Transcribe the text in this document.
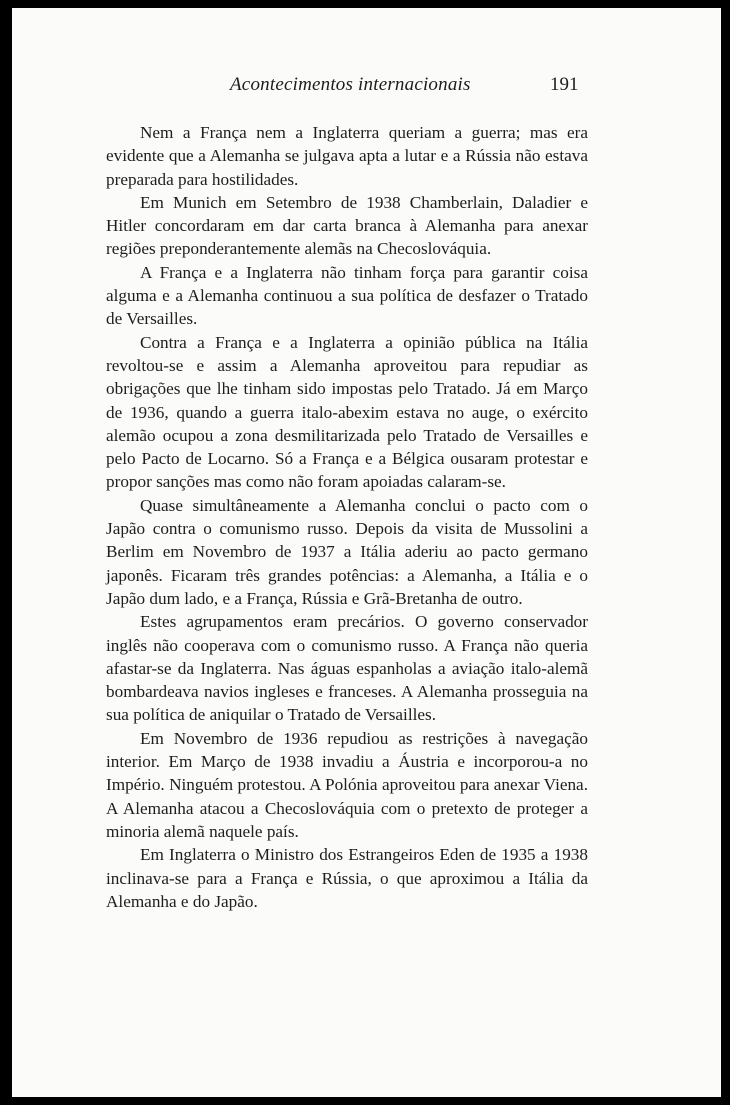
Acontecimentos internacionais	191

Nem a França nem a Inglaterra queriam a guerra; mas era evidente que a Alemanha se julgava apta a lutar e a Rússia não estava preparada para hostilidades.

Em Munich em Setembro de 1938 Chamberlain, Daladier e Hitler concordaram em dar carta branca à Alemanha para anexar regiões preponderantemente alemãs na Checoslováquia.

A França e a Inglaterra não tinham força para garantir coisa alguma e a Alemanha continuou a sua política de desfazer o Tratado de Versailles.

Contra a França e a Inglaterra a opinião pública na Itália revoltou-se e assim a Alemanha aproveitou para repudiar as obrigações que lhe tinham sido impostas pelo Tratado. Já em Março de 1936, quando a guerra italo-abexim estava no auge, o exército alemão ocupou a zona desmilitarizada pelo Tratado de Versailles e pelo Pacto de Locarno. Só a França e a Bélgica ousaram protestar e propor sanções mas como não foram apoiadas calaram-se.

Quase simultâneamente a Alemanha conclui o pacto com o Japão contra o comunismo russo. Depois da visita de Mussolini a Berlim em Novembro de 1937 a Itália aderiu ao pacto germano japonês. Ficaram três grandes potências: a Alemanha, a Itália e o Japão dum lado, e a França, Rússia e Grã-Bretanha de outro.

Estes agrupamentos eram precários. O governo conservador inglês não cooperava com o comunismo russo. A França não queria afastar-se da Inglaterra. Nas águas espanholas a aviação italo-alemã bombardeava navios ingleses e franceses. A Alemanha prosseguia na sua política de aniquilar o Tratado de Versailles.

Em Novembro de 1936 repudiou as restrições à navegação interior. Em Março de 1938 invadiu a Áustria e incorporou-a no Império. Ninguém protestou. A Polónia aproveitou para anexar Viena. A Alemanha atacou a Checoslováquia com o pretexto de proteger a minoria alemã naquele país.

Em Inglaterra o Ministro dos Estrangeiros Eden de 1935 a 1938 inclinava-se para a França e Rússia, o que aproximou a Itália da Alemanha e do Japão.
